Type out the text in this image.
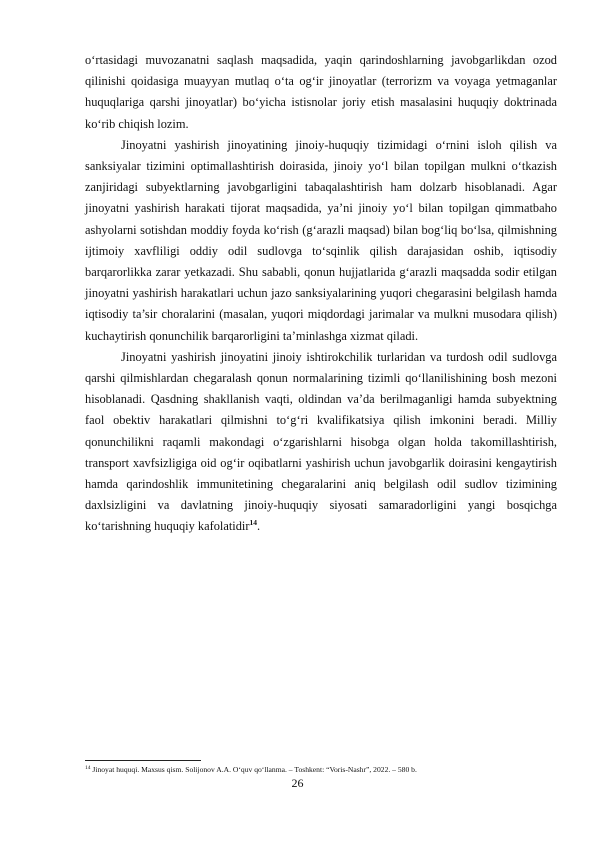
o‘rtasidagi muvozanatni saqlash maqsadida, yaqin qarindoshlarning javobgarlikdan ozod qilinishi qoidasiga muayyan mutlaq o‘ta og‘ir jinoyatlar (terrorizm va voyaga yetmaganlar huquqlariga qarshi jinoyatlar) bo‘yicha istisnolar joriy etish masalasini huquqiy doktrinada ko‘rib chiqish lozim.

Jinoyatni yashirish jinoyatining jinoiy-huquqiy tizimidagi o‘rnini isloh qilish va sanksiyalar tizimini optimallashtirish doirasida, jinoiy yo‘l bilan topilgan mulkni o‘tkazish zanjiridagi subyektlarning javobgarligini tabaqalashtirish ham dolzarb hisoblanadi. Agar jinoyatni yashirish harakati tijorat maqsadida, ya’ni jinoiy yo‘l bilan topilgan qimmatbaho ashyolarni sotishdan moddiy foyda ko‘rish (g‘arazli maqsad) bilan bog‘liq bo‘lsa, qilmishning ijtimoiy xavfliligi oddiy odil sudlovga to‘sqinlik qilish darajasidan oshib, iqtisodiy barqarorlikka zarar yetkazadi. Shu sababli, qonun hujjatlarida g‘arazli maqsadda sodir etilgan jinoyatni yashirish harakatlari uchun jazo sanksiyalarining yuqori chegarasini belgilash hamda iqtisodiy ta’sir choralarini (masalan, yuqori miqdordagi jarimalar va mulkni musodara qilish) kuchaytirish qonunchilik barqarorligini ta’minlashga xizmat qiladi.

Jinoyatni yashirish jinoyatini jinoiy ishtirokchilik turlaridan va turdosh odil sudlovga qarshi qilmishlardan chegaralash qonun normalarining tizimli qo‘llanilishining bosh mezoni hisoblanadi. Qasdning shakllanish vaqti, oldindan va’da berilmaganligi hamda subyektning faol obektiv harakatlari qilmishni to‘g‘ri kvalifikatsiya qilish imkonini beradi. Milliy qonunchilikni raqamli makondagi o‘zgarishlarni hisobga olgan holda takomillashtirish, transport xavfsizligiga oid og‘ir oqibatlarni yashirish uchun javobgarlik doirasini kengaytirish hamda qarindoshlik immunitetining chegaralarini aniq belgilash odil sudlov tizimining daxlsizligini va davlatning jinoiy-huquqiy siyosati samaradorligini yangi bosqichga ko‘tarishning huquqiy kafolatidir$^{14}$.

$^{14}$ Jinoyat huquqi. Maxsus qism. Solijonov A.A. O‘quv qo‘llanma. – Toshkent: “Voris-Nashr”, 2022. – 580 b.
26
